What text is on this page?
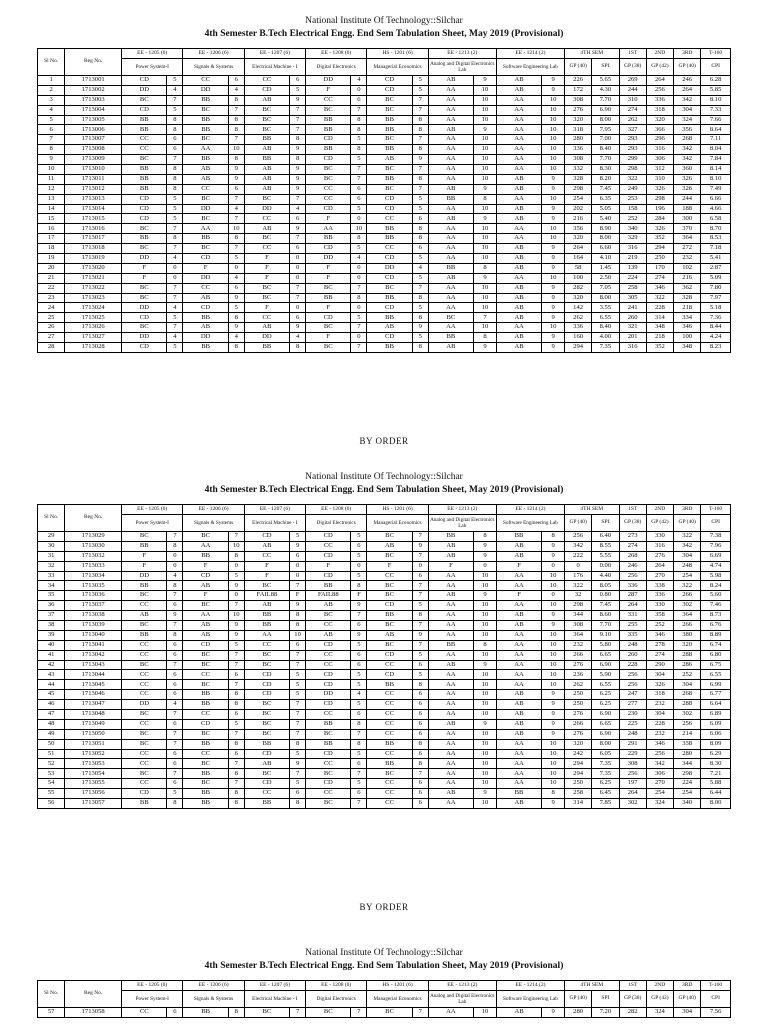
National Institute Of Technology::Silchar
4th Semester B.Tech Electrical Engg. End Sem Tabulation Sheet, May 2019 (Provisional)
Sl No.	Reg No.	EE - 1205 (6)		EE - 1206 (6)		EE - 1207 (6)		EE - 1208 (6)		HS - 1201 (6)		EE - 1213 (2)		EE - 1214 (2)		4TH SEM		1ST	2ND	3RD	T-160
		Power System-I		Signals & Systems		Electrical Machine - I		Digital Electronics		Managerial Economics		Analog and Digital Electronics Lab		Software Engineering Lab		GP (40)	SPI	GP (38)	GP (42)	GP (40)	CPI
1	1713001	CD	5	CC	6	CC	6	DD	4	CD	5	AB	9	AB	9	226	5.65	269	264	246	6.28
2	1713002	DD	4	DD	4	CD	5	F	0	CD	5	AA	10	AB	9	172	4.30	244	256	264	5.85
3	1713003	BC	7	BB	8	AB	9	CC	6	BC	7	AA	10	AA	10	308	7.70	310	336	342	8.10
4	1713004	CD	5	BC	7	BC	7	BC	7	BC	7	AA	10	AA	10	276	6.90	274	318	304	7.33
5	1713005	BB	8	BB	8	BC	7	BB	8	BB	8	AA	10	AA	10	320	8.00	262	320	324	7.66
6	1713006	BB	8	BB	8	BC	7	BB	8	BB	8	AB	9	AA	10	318	7.95	327	366	356	8.64
7	1713007	CC	6	BC	7	BB	8	CD	5	BC	7	AA	10	AA	10	280	7.00	293	296	268	7.11
8	1713008	CC	6	AA	10	AB	9	BB	8	BB	8	AA	10	AA	10	336	8.40	293	316	342	8.04
9	1713009	BC	7	BB	8	BB	8	CD	5	AB	9	AA	10	AA	10	308	7.70	299	306	342	7.84
10	1713010	BB	8	AB	9	AB	9	BC	7	BC	7	AA	10	AA	10	332	8.30	298	312	360	8.14
11	1713011	BB	8	AB	9	AB	9	BC	7	BB	8	AA	10	AB	9	328	8.20	322	310	326	8.10
12	1713012	BB	8	CC	6	AB	9	CC	6	BC	7	AB	9	AB	9	298	7.45	249	326	326	7.49
13	1713013	CD	5	BC	7	BC	7	CC	6	CD	5	BB	8	AA	10	254	6.35	253	298	244	6.66
14	1713014	CD	5	DD	4	DD	4	CD	5	CD	5	AA	10	AB	9	202	5.05	158	196	188	4.66
15	1713015	CD	5	BC	7	CC	6	F	0	CC	6	AB	9	AB	9	216	5.40	252	284	300	6.58
16	1713016	BC	7	AA	10	AB	9	AA	10	BB	8	AA	10	AA	10	356	8.90	340	326	370	8.70
17	1713017	BB	8	BB	8	BC	7	BB	8	BB	8	AA	10	AA	10	320	8.00	329	352	364	8.53
18	1713018	BC	7	BC	7	CC	6	CD	5	CC	6	AA	10	AB	9	264	6.60	316	294	272	7.18
19	1713019	DD	4	CD	5	F	0	DD	4	CD	5	AA	10	AB	9	164	4.10	219	250	232	5.41
20	1713020	F	0	F	0	F	0	F	0	DD	4	BB	8	AB	9	58	1.45	139	170	102	2.87
21	1713021	F	0	DD	4	F	0	F	0	CD	5	AB	9	AA	10	100	2.50	224	274	216	5.09
22	1713022	BC	7	CC	6	BC	7	BC	7	BC	7	AA	10	AB	9	282	7.05	258	346	362	7.80
23	1713023	BC	7	AB	9	BC	7	BB	8	BB	8	AA	10	AB	9	320	8.00	305	322	328	7.97
24	1713024	DD	4	CD	5	F	0	F	0	CD	5	AA	10	AB	9	142	3.55	241	228	218	5.18
25	1713025	CD	5	BB	8	CC	6	CD	5	BB	8	BC	7	AB	9	262	6.55	260	314	334	7.36
26	1713026	BC	7	AB	9	AB	9	BC	7	AB	9	AA	10	AA	10	336	8.40	321	348	346	8.44
27	1713027	DD	4	DD	4	DD	4	F	0	CD	5	BB	8	AB	9	160	4.00	201	218	100	4.24
28	1713028	CD	5	BB	8	BB	8	BC	7	BB	8	AB	9	AB	9	294	7.35	316	352	348	8.23
BY ORDER
National Institute Of Technology::Silchar
4th Semester B.Tech Electrical Engg. End Sem Tabulation Sheet, May 2019 (Provisional)
Sl No.	Reg No.	EE - 1205 (6)		EE - 1206 (6)		EE - 1207 (6)		EE - 1208 (6)		HS - 1201 (6)		EE - 1213 (2)		EE - 1214 (2)		4TH SEM		1ST	2ND	3RD	T-160
		Power System-I		Signals & Systems		Electrical Machine - I		Digital Electronics		Managerial Economics		Analog and Digital Electronics Lab		Software Engineering Lab		GP (40)	SPI	GP (38)	GP (42)	GP (40)	CPI
29	1713029	BC	7	BC	7	CD	5	CD	5	BC	7	BB	8	BB	8	256	6.40	273	330	322	7.38
30	1713030	BB	8	AA	10	AB	9	CC	6	AB	9	AB	9	AB	9	342	8.55	274	316	342	7.96
31	1713032	F	0	BB	8	CC	6	CD	5	BC	7	AB	9	AB	9	222	5.55	268	276	304	6.69
32	1713033	F	0	F	0	F	0	F	0	F	0	F	0	F	0	0	0.00	246	264	248	4.74
33	1713034	DD	4	CD	5	F	0	CD	5	CC	6	AA	10	AA	10	176	4.40	256	270	254	5.98
34	1713035	BB	8	AB	9	BC	7	BB	8	BC	7	AA	10	AA	10	322	8.05	336	338	322	8.24
35	1713036	BC	7	F	0	FAIL88	F	FAIL88	F	BC	7	AB	9	F	0	32	0.80	287	336	266	5.60
36	1713037	CC	6	BC	7	AB	9	AB	9	CD	5	AA	10	AA	10	298	7.45	264	330	302	7.46
37	1713038	AB	9	AA	10	BB	8	BC	7	BB	8	AA	10	AB	9	344	8.60	331	358	364	8.73
38	1713039	BC	7	AB	9	BB	8	CC	6	BC	7	AA	10	AB	9	308	7.70	255	252	266	6.76
39	1713040	BB	8	AB	9	AA	10	AB	9	AB	9	AA	10	AA	10	364	9.10	335	346	380	8.89
40	1713041	CC	6	CD	5	CC	6	CD	5	BC	7	BB	8	AA	10	232	5.80	248	278	320	6.74
41	1713042	CC	6	BC	7	BC	7	CC	6	CD	5	AA	10	AA	10	266	6.65	260	274	288	6.80
42	1713043	BC	7	BC	7	BC	7	CC	6	CC	6	AB	9	AA	10	276	6.90	228	290	286	6.75
43	1713044	CC	6	CC	6	CD	5	CD	5	CD	5	AA	10	AA	10	236	5.90	256	304	252	6.55
44	1713045	CC	6	BC	7	CD	5	CD	5	BB	8	AA	10	AA	10	262	6.55	256	326	304	6.99
45	1713046	CC	6	BB	8	CD	5	DD	4	CC	6	AA	10	AB	9	250	6.25	247	318	268	6.77
46	1713047	DD	4	BB	8	BC	7	CD	5	CC	6	AA	10	AB	9	250	6.25	277	232	288	6.64
47	1713048	BC	7	CC	6	BC	7	CC	6	CC	6	AA	10	AB	9	276	6.90	230	304	302	6.89
48	1713049	CC	6	CD	5	BC	7	BB	8	CC	6	AB	9	AB	9	266	6.65	225	228	256	6.09
49	1713050	BC	7	BC	7	BC	7	BC	7	CC	6	AA	10	AB	9	276	6.90	248	232	214	6.06
50	1713051	BC	7	BB	8	BB	8	BB	8	BB	8	AA	10	AA	10	320	8.00	291	346	338	8.09
51	1713052	CC	6	CC	6	CD	5	CD	5	CC	6	AA	10	AA	10	242	6.05	229	256	280	6.29
52	1713053	CC	6	BC	7	AB	9	CC	6	BB	8	AA	10	AA	10	294	7.35	308	342	344	8.30
53	1713054	BC	7	BB	8	BC	7	BC	7	BC	7	AA	10	AA	10	294	7.35	256	306	298	7.21
54	1713055	CC	6	BC	7	CD	5	CD	5	CC	6	AA	10	AA	10	250	6.25	197	270	224	5.88
55	1713056	CD	5	BB	8	CC	6	CC	6	CC	6	AB	9	BB	8	258	6.45	264	254	254	6.44
56	1713057	BB	8	BB	8	BB	8	BC	7	CC	6	AA	10	AB	9	314	7.85	302	324	340	8.00
BY ORDER
National Institute Of Technology::Silchar
4th Semester B.Tech Electrical Engg. End Sem Tabulation Sheet, May 2019 (Provisional)
Sl No.	Reg No.	EE - 1205 (6)		EE - 1206 (6)		EE - 1207 (6)		EE - 1208 (6)		HS - 1201 (6)		EE - 1213 (2)		EE - 1214 (2)		4TH SEM		1ST	2ND	3RD	T-160
		Power System-I		Signals & Systems		Electrical Machine - I		Digital Electronics		Managerial Economics		Analog and Digital Electronics Lab		Software Engineering Lab		GP (40)	SPI	GP (38)	GP (42)	GP (40)	CPI
57	1713058	CC	6	BB	8	BC	7	BC	7	BC	7	AA	10	AB	9	280	7.20	282	324	304	7.56
